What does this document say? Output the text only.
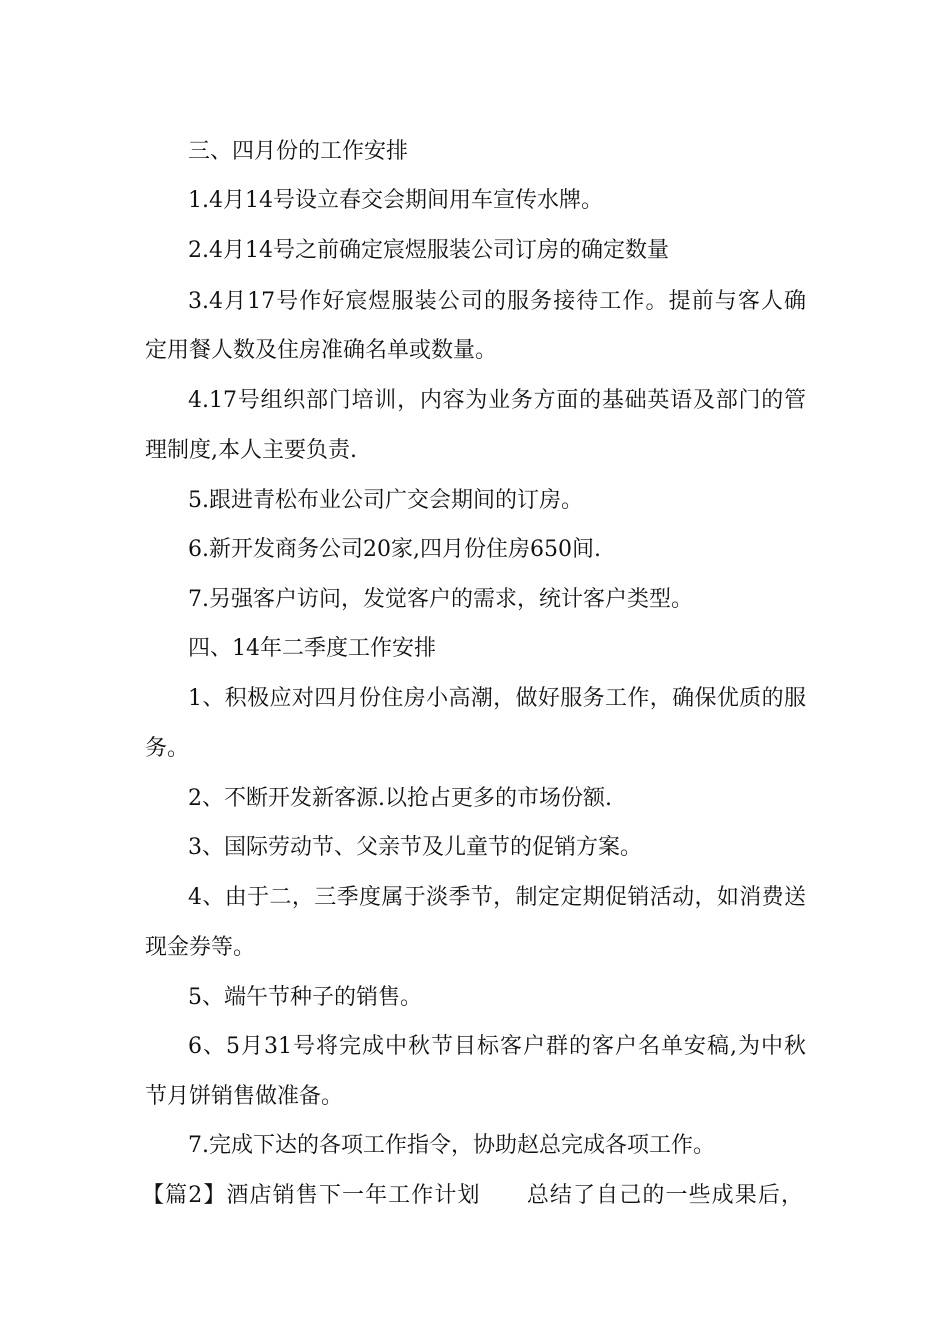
三、四月份的工作安排
1.4月14号设立春交会期间用车宣传水牌。
2.4月14号之前确定宸煜服装公司订房的确定数量
3.4月17号作好宸煜服装公司的服务接待工作。提前与客人确
定用餐人数及住房准确名单或数量。
4.17号组织部门培训，内容为业务方面的基础英语及部门的管
理制度,本人主要负责.
5.跟进青松布业公司广交会期间的订房。
6.新开发商务公司20家,四月份住房650间.
7.另强客户访问，发觉客户的需求，统计客户类型。
四、14年二季度工作安排
1、积极应对四月份住房小高潮，做好服务工作，确保优质的服
务。
2、不断开发新客源.以抢占更多的市场份额.
3、国际劳动节、父亲节及儿童节的促销方案。
4、由于二，三季度属于淡季节，制定定期促销活动，如消费送
现金券等。
5、端午节种子的销售。
6、5月31号将完成中秋节目标客户群的客户名单安稿,为中秋
节月饼销售做准备。
7.完成下达的各项工作指令，协助赵总完成各项工作。
【篇2】酒店销售下一年工作计划　　总结了自己的一些成果后，
